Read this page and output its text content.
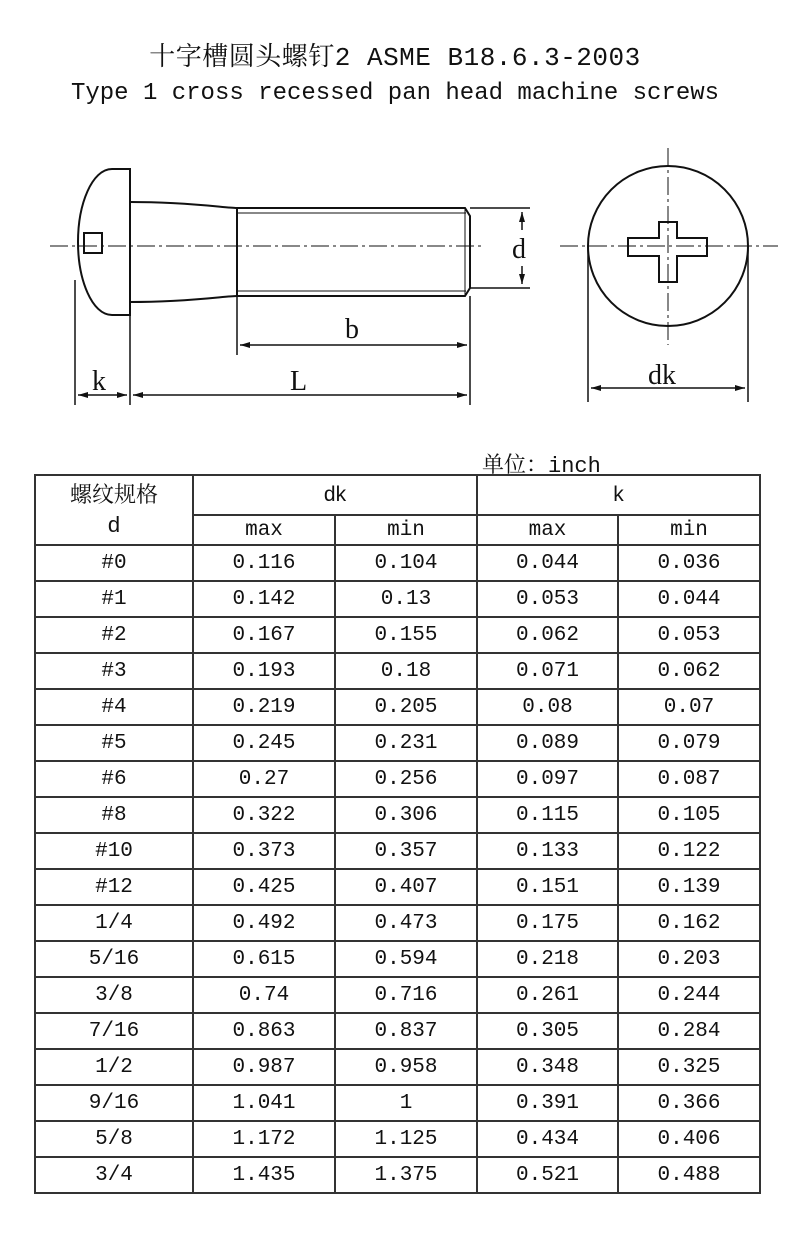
十字槽圆头螺钉2 ASME B18.6.3-2003
Type 1 cross recessed pan head machine screws
d
b
k	L	dk
单位：inch
螺纹规格
d	dk		k	
	max	min	max	min
#0	0.116	0.104	0.044	0.036
#1	0.142	0.13	0.053	0.044
#2	0.167	0.155	0.062	0.053
#3	0.193	0.18	0.071	0.062
#4	0.219	0.205	0.08	0.07
#5	0.245	0.231	0.089	0.079
#6	0.27	0.256	0.097	0.087
#8	0.322	0.306	0.115	0.105
#10	0.373	0.357	0.133	0.122
#12	0.425	0.407	0.151	0.139
1/4	0.492	0.473	0.175	0.162
5/16	0.615	0.594	0.218	0.203
3/8	0.74	0.716	0.261	0.244
7/16	0.863	0.837	0.305	0.284
1/2	0.987	0.958	0.348	0.325
9/16	1.041	1	0.391	0.366
5/8	1.172	1.125	0.434	0.406
3/4	1.435	1.375	0.521	0.488
